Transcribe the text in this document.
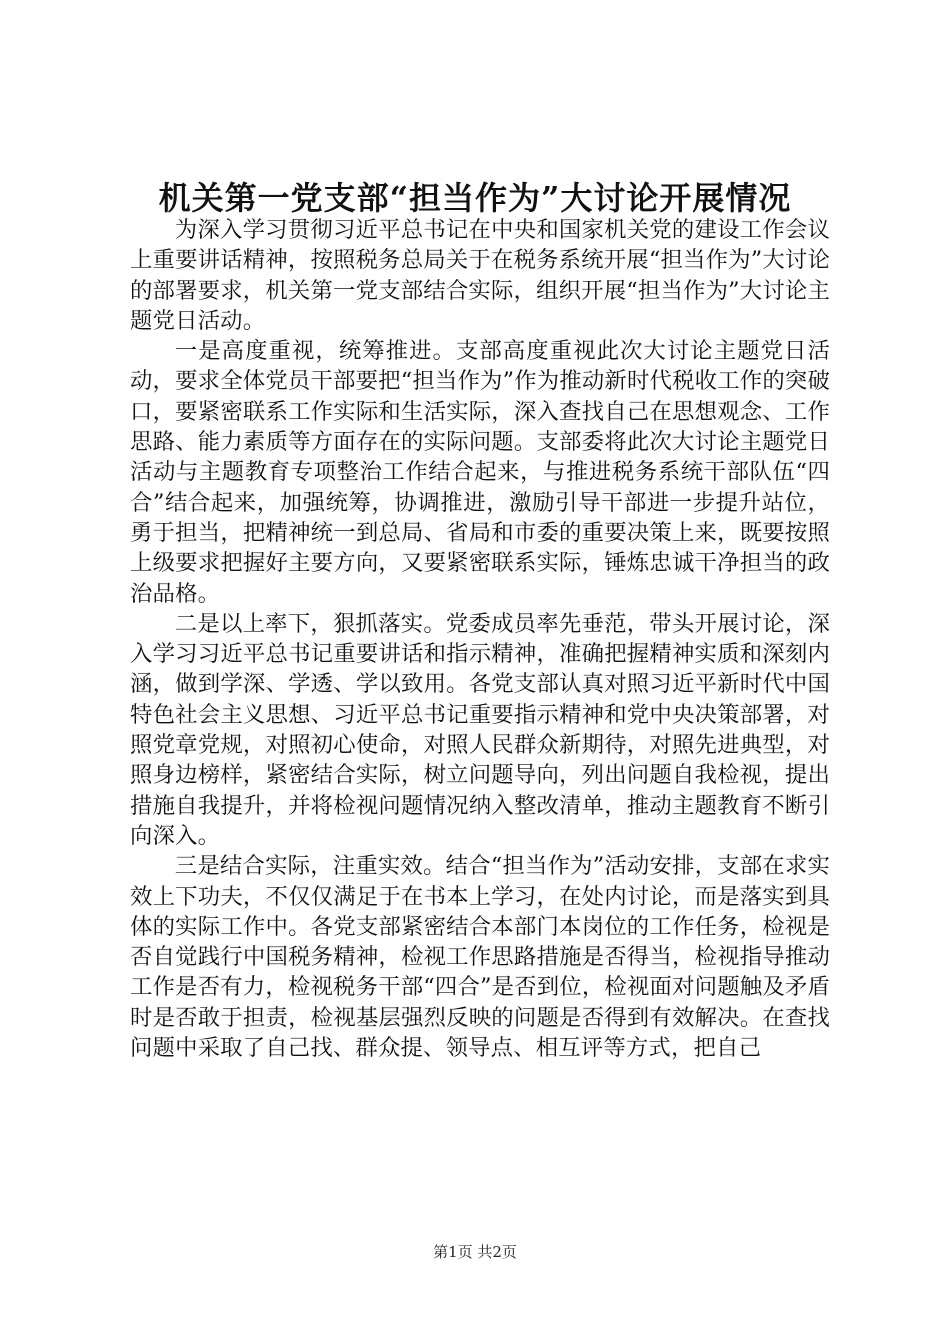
机关第一党支部“担当作为”大讨论开展情况

为深入学习贯彻习近平总书记在中央和国家机关党的建设工作会议上重要讲话精神，按照税务总局关于在税务系统开展“担当作为”大讨论的部署要求，机关第一党支部结合实际，组织开展“担当作为”大讨论主题党日活动。

一是高度重视，统筹推进。支部高度重视此次大讨论主题党日活动，要求全体党员干部要把“担当作为”作为推动新时代税收工作的突破口，要紧密联系工作实际和生活实际，深入查找自己在思想观念、工作思路、能力素质等方面存在的实际问题。支部委将此次大讨论主题党日活动与主题教育专项整治工作结合起来，与推进税务系统干部队伍“四合”结合起来，加强统筹，协调推进，激励引导干部进一步提升站位，勇于担当，把精神统一到总局、省局和市委的重要决策上来，既要按照上级要求把握好主要方向，又要紧密联系实际，锤炼忠诚干净担当的政治品格。

二是以上率下，狠抓落实。党委成员率先垂范，带头开展讨论，深入学习习近平总书记重要讲话和指示精神，准确把握精神实质和深刻内涵，做到学深、学透、学以致用。各党支部认真对照习近平新时代中国特色社会主义思想、习近平总书记重要指示精神和党中央决策部署，对照党章党规，对照初心使命，对照人民群众新期待，对照先进典型，对照身边榜样，紧密结合实际，树立问题导向，列出问题自我检视，提出措施自我提升，并将检视问题情况纳入整改清单，推动主题教育不断引向深入。

三是结合实际，注重实效。结合“担当作为”活动安排，支部在求实效上下功夫，不仅仅满足于在书本上学习，在处内讨论，而是落实到具体的实际工作中。各党支部紧密结合本部门本岗位的工作任务，检视是否自觉践行中国税务精神，检视工作思路措施是否得当，检视指导推动工作是否有力，检视税务干部“四合”是否到位，检视面对问题触及矛盾时是否敢于担责，检视基层强烈反映的问题是否得到有效解决。在查找问题中采取了自己找、群众提、领导点、相互评等方式，把自己

第1页 共2页
